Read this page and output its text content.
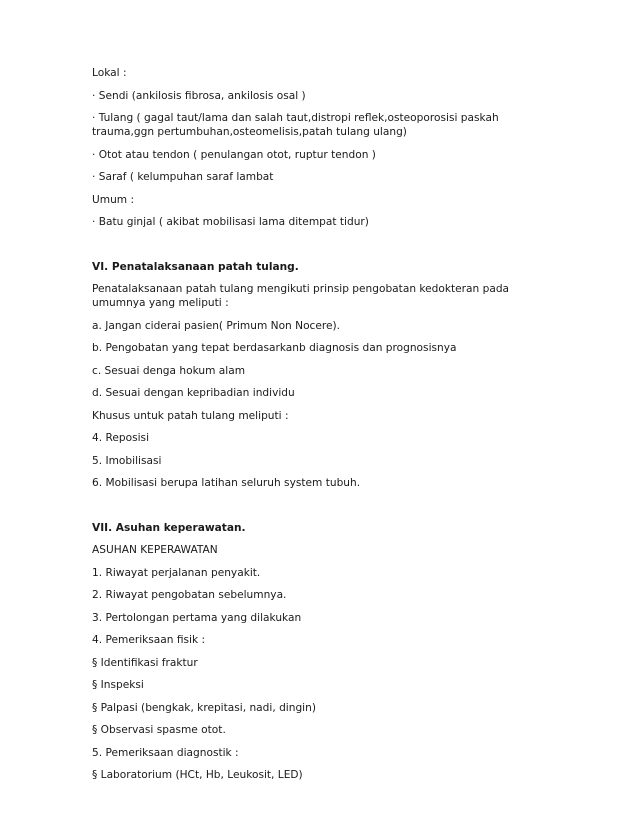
Lokal :

· Sendi (ankilosis fibrosa, ankilosis osal )

· Tulang ( gagal taut/lama dan salah taut,distropi reflek,osteoporosisi paskah trauma,ggn pertumbuhan,osteomelisis,patah tulang ulang)

· Otot atau tendon ( penulangan otot, ruptur tendon )

· Saraf ( kelumpuhan saraf lambat

Umum :

· Batu ginjal ( akibat mobilisasi lama ditempat tidur)

VI. Penatalaksanaan patah tulang.

Penatalaksanaan patah tulang mengikuti prinsip pengobatan kedokteran pada umumnya yang meliputi :

a. Jangan ciderai pasien( Primum Non Nocere).

b. Pengobatan yang tepat berdasarkanb diagnosis dan prognosisnya

c. Sesuai denga hokum alam

d. Sesuai dengan kepribadian individu

Khusus untuk patah tulang meliputi :

4. Reposisi

5. Imobilisasi

6. Mobilisasi berupa latihan seluruh system tubuh.

VII. Asuhan keperawatan.

ASUHAN KEPERAWATAN

1. Riwayat perjalanan penyakit.

2. Riwayat pengobatan sebelumnya.

3. Pertolongan pertama yang dilakukan

4. Pemeriksaan fisik :

§ Identifikasi fraktur

§ Inspeksi

§ Palpasi (bengkak, krepitasi, nadi, dingin)

§ Observasi spasme otot.

5. Pemeriksaan diagnostik :

§ Laboratorium (HCt, Hb, Leukosit, LED)
